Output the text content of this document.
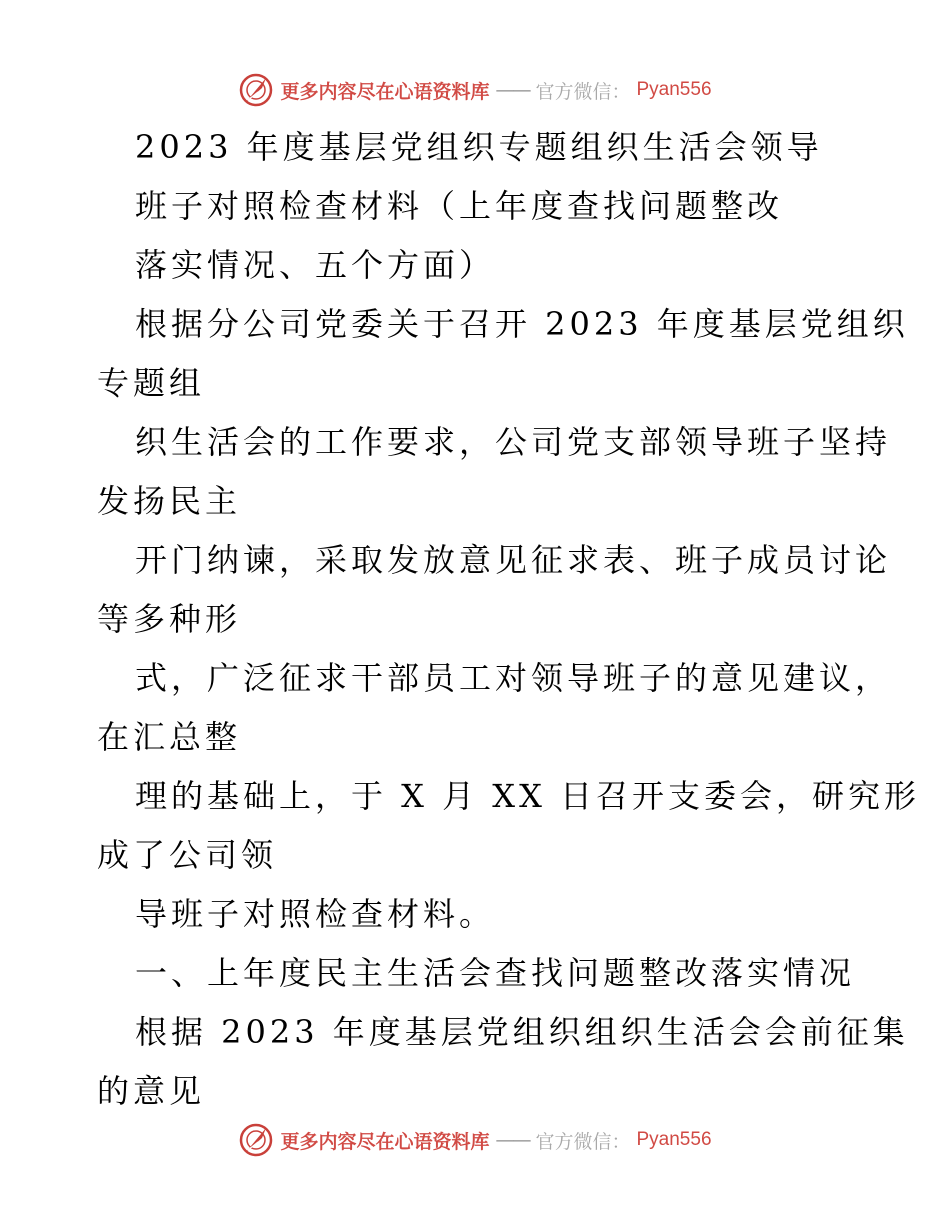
更多内容尽在心语资料库 —— 官方微信： Pyan556
2023 年度基层党组织专题组织生活会领导
班子对照检查材料（上年度查找问题整改
落实情况、五个方面）
根据分公司党委关于召开 2023 年度基层党组织
专题组
织生活会的工作要求，公司党支部领导班子坚持
发扬民主
开门纳谏，采取发放意见征求表、班子成员讨论
等多种形
式，广泛征求干部员工对领导班子的意见建议，
在汇总整
理的基础上，于 X 月 XX 日召开支委会，研究形
成了公司领
导班子对照检查材料。
一、上年度民主生活会查找问题整改落实情况
根据 2023 年度基层党组织组织生活会会前征集
的意见
更多内容尽在心语资料库 —— 官方微信： Pyan556
